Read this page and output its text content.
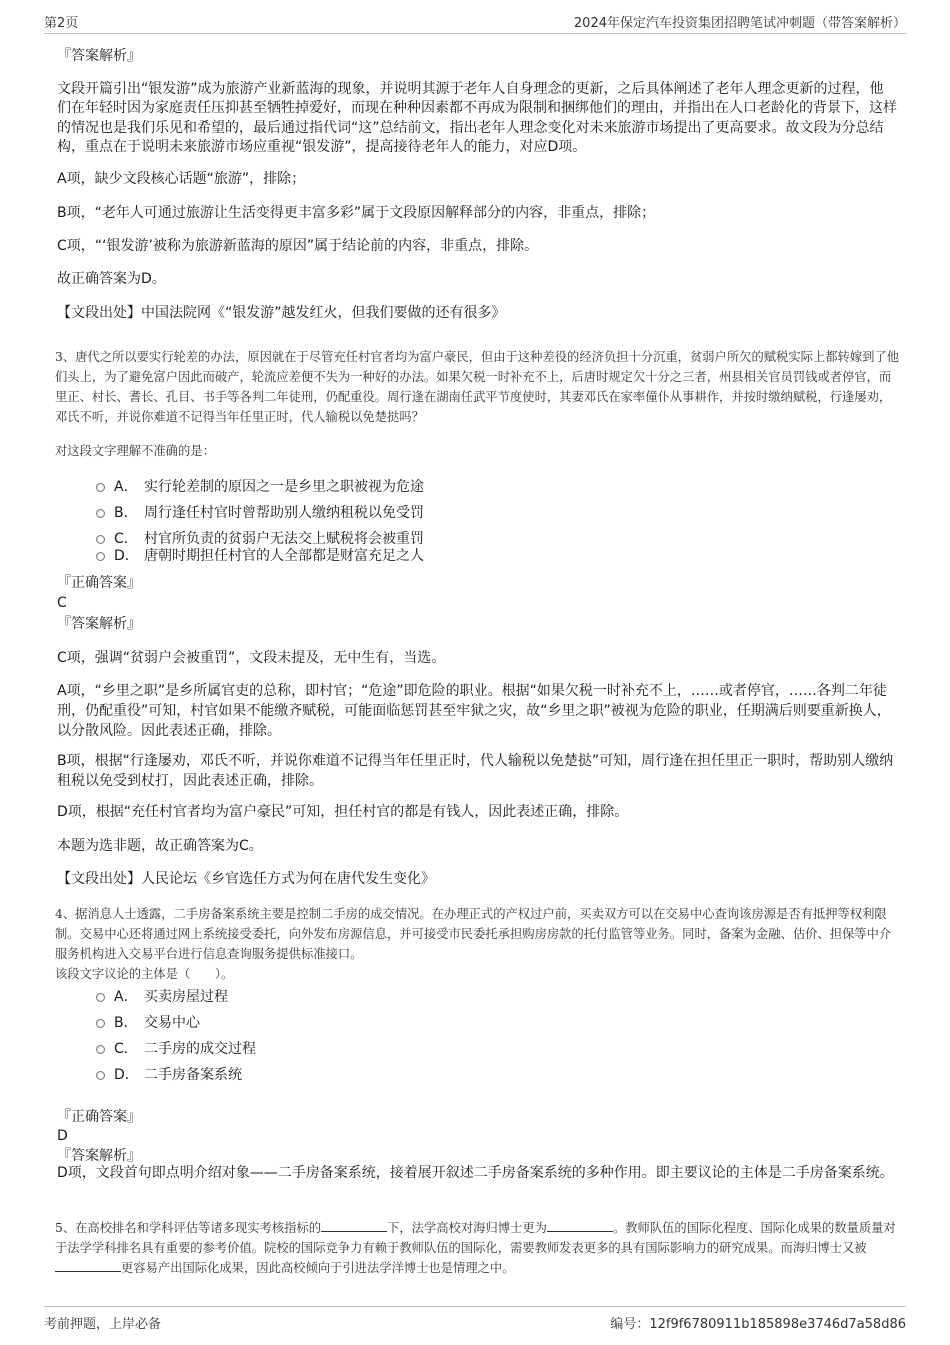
第2页	2024年保定汽车投资集团招聘笔试冲刺题（带答案解析）
『答案解析』
文段开篇引出“银发游”成为旅游产业新蓝海的现象，并说明其源于老年人自身理念的更新，之后具体阐述了老年人理念更新的过程，他们在年轻时因为家庭责任压抑甚至牺牲掉爱好，而现在种种因素都不再成为限制和捆绑他们的理由，并指出在人口老龄化的背景下，这样的情况也是我们乐见和希望的，最后通过指代词“这”总结前文，指出老年人理念变化对未来旅游市场提出了更高要求。故文段为分总结构，重点在于说明未来旅游市场应重视“银发游”，提高接待老年人的能力，对应D项。
A项，缺少文段核心话题“旅游”，排除；
B项，“老年人可通过旅游让生活变得更丰富多彩”属于文段原因解释部分的内容，非重点，排除；
C项，“‘银发游’被称为旅游新蓝海的原因”属于结论前的内容，非重点，排除。
故正确答案为D。
【文段出处】中国法院网《“银发游”越发红火，但我们要做的还有很多》
3、唐代之所以要实行轮差的办法，原因就在于尽管充任村官者均为富户豪民，但由于这种差役的经济负担十分沉重，贫弱户所欠的赋税实际上都转嫁到了他们头上，为了避免富户因此而破产，轮流应差便不失为一种好的办法。如果欠税一时补充不上，后唐时规定欠十分之三者，州县相关官员罚钱或者停官，而里正、村长、耆长、孔目、书手等各判二年徒刑，仍配重役。周行逢在湖南任武平节度使时，其妻邓氏在家率僮仆从事耕作，并按时缴纳赋税，行逢屡劝，邓氏不听，并说你难道不记得当年任里正时，代人输税以免楚挞吗？
对这段文字理解不准确的是：
A． 实行轮差制的原因之一是乡里之职被视为危途
B． 周行逢任村官时曾帮助别人缴纳租税以免受罚
C． 村官所负责的贫弱户无法交上赋税将会被重罚
D． 唐朝时期担任村官的人全部都是财富充足之人
『正确答案』
C
『答案解析』
C项，强调“贫弱户会被重罚”，文段未提及，无中生有，当选。
A项，“乡里之职”是乡所属官吏的总称，即村官；“危途”即危险的职业。根据“如果欠税一时补充不上，……或者停官，……各判二年徒刑，仍配重役”可知，村官如果不能缴齐赋税，可能面临惩罚甚至牢狱之灾，故“乡里之职”被视为危险的职业，任期满后则要重新换人，以分散风险。因此表述正确，排除。
B项，根据“行逢屡劝，邓氏不听，并说你难道不记得当年任里正时，代人输税以免楚挞”可知，周行逢在担任里正一职时，帮助别人缴纳租税以免受到杖打，因此表述正确，排除。
D项，根据“充任村官者均为富户豪民”可知，担任村官的都是有钱人，因此表述正确，排除。
本题为选非题，故正确答案为C。
【文段出处】人民论坛《乡官选任方式为何在唐代发生变化》
4、据消息人士透露，二手房备案系统主要是控制二手房的成交情况。在办理正式的产权过户前，买卖双方可以在交易中心查询该房源是否有抵押等权利限制。交易中心还将通过网上系统接受委托，向外发布房源信息，并可接受市民委托承担购房房款的托付监管等业务。同时，备案为金融、估价、担保等中介服务机构进入交易平台进行信息查询服务提供标准接口。
该段文字议论的主体是（　　）。
A． 买卖房屋过程
B． 交易中心
C． 二手房的成交过程
D． 二手房备案系统
『正确答案』
D
『答案解析』
D项，文段首句即点明介绍对象——二手房备案系统，接着展开叙述二手房备案系统的多种作用。即主要议论的主体是二手房备案系统。
5、在高校排名和学科评估等诸多现实考核指标的	下，法学高校对海归博士更为	。教师队伍的国际化程度、国际化成果的数量质量对于法学学科排名具有重要的参考价值。院校的国际竞争力有赖于教师队伍的国际化，需要教师发表更多的具有国际影响力的研究成果。而海归博士又被更容易产出国际化成果，因此高校倾向于引进法学洋博士也是情理之中。
考前押题，上岸必备	编号：12f9f6780911b185898e3746d7a58d86
